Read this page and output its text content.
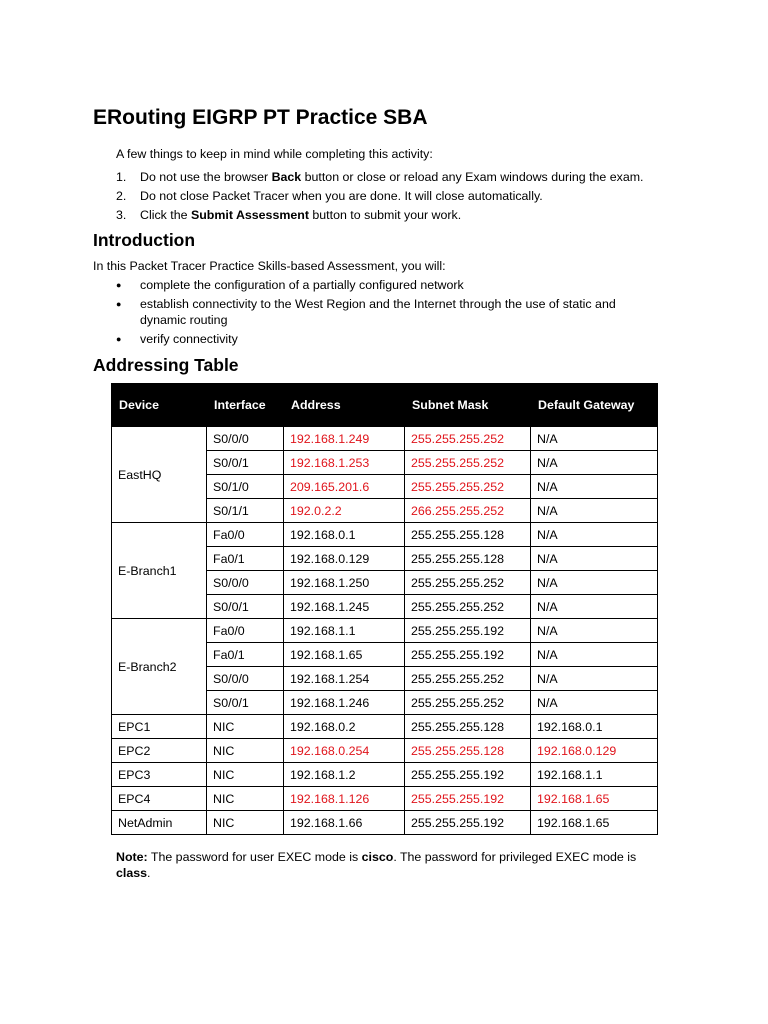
ERouting EIGRP PT Practice SBA

A few things to keep in mind while completing this activity:

1.	Do not use the browser Back button or close or reload any Exam windows during the exam.
2.	Do not close Packet Tracer when you are done. It will close automatically.
3.	Click the Submit Assessment button to submit your work.
Introduction

In this Packet Tracer Practice Skills-based Assessment, you will:

●	complete the configuration of a partially configured network
●	establish connectivity to the West Region and the Internet through the use of static and dynamic routing
●	verify connectivity
Addressing Table
Device	Interface	Address	Subnet Mask	Default Gateway
EastHQ	S0/0/0	192.168.1.249	255.255.255.252	N/A
	S0/0/1	192.168.1.253	255.255.255.252	N/A
	S0/1/0	209.165.201.6	255.255.255.252	N/A
	S0/1/1	192.0.2.2	266.255.255.252	N/A
E-Branch1	Fa0/0	192.168.0.1	255.255.255.128	N/A
	Fa0/1	192.168.0.129	255.255.255.128	N/A
	S0/0/0	192.168.1.250	255.255.255.252	N/A
	S0/0/1	192.168.1.245	255.255.255.252	N/A
E-Branch2	Fa0/0	192.168.1.1	255.255.255.192	N/A
	Fa0/1	192.168.1.65	255.255.255.192	N/A
	S0/0/0	192.168.1.254	255.255.255.252	N/A
	S0/0/1	192.168.1.246	255.255.255.252	N/A
EPC1	NIC	192.168.0.2	255.255.255.128	192.168.0.1
EPC2	NIC	192.168.0.254	255.255.255.128	192.168.0.129
EPC3	NIC	192.168.1.2	255.255.255.192	192.168.1.1
EPC4	NIC	192.168.1.126	255.255.255.192	192.168.1.65
NetAdmin	NIC	192.168.1.66	255.255.255.192	192.168.1.65

Note: The password for user EXEC mode is cisco. The password for privileged EXEC mode is class.
